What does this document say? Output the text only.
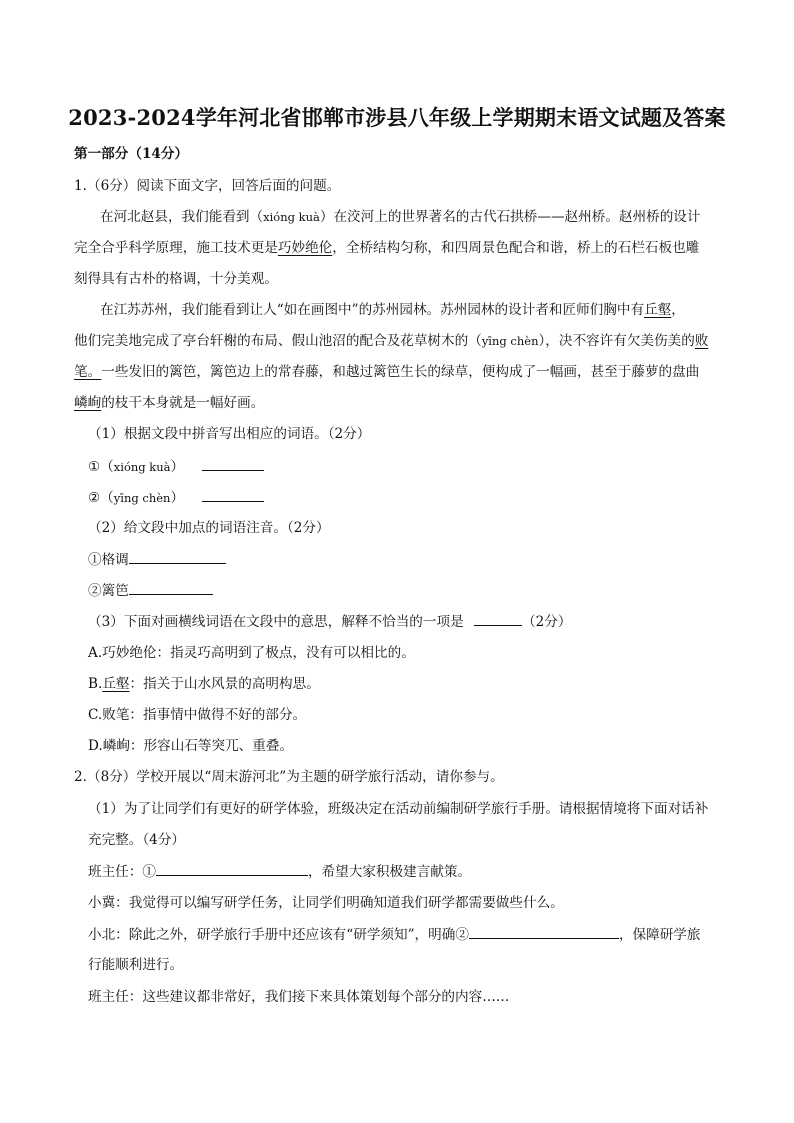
2023-2024学年河北省邯郸市涉县八年级上学期期末语文试题及答案
第一部分（14分）
1.（6分）阅读下面文字，回答后面的问题。
在河北赵县，我们能看到（xióng kuà）在洨河上的世界著名的古代石拱桥——赵州桥。赵州桥的设计
完全合乎科学原理，施工技术更是巧妙绝伦，全桥结构匀称，和四周景色配合和谐，桥上的石栏石板也雕
刻得具有古朴的格调，十分美观。
在江苏苏州，我们能看到让人“如在画图中”的苏州园林。苏州园林的设计者和匠师们胸中有丘壑，
他们完美地完成了亭台轩榭的布局、假山池沼的配合及花草树木的（yīng chèn），决不容许有欠美伤美的败
笔。一些发旧的篱笆，篱笆边上的常春藤，和越过篱笆生长的绿草，便构成了一幅画，甚至于藤萝的盘曲
嶙峋的枝干本身就是一幅好画。
（1）根据文段中拼音写出相应的词语。（2分）
①（xióng kuà）
②（yīng chèn）
（2）给文段中加点的词语注音。（2分）
①格调
②篱笆
（3）下面对画横线词语在文段中的意思，解释不恰当的一项是	（2分）
A.巧妙绝伦：指灵巧高明到了极点，没有可以相比的。
B.丘壑：指关于山水风景的高明构思。
C.败笔：指事情中做得不好的部分。
D.嶙峋：形容山石等突兀、重叠。
2.（8分）学校开展以“周末游河北”为主题的研学旅行活动，请你参与。
（1）为了让同学们有更好的研学体验，班级决定在活动前编制研学旅行手册。请根据情境将下面对话补
充完整。（4分）
班主任：①	，希望大家积极建言献策。
小冀：我觉得可以编写研学任务，让同学们明确知道我们研学都需要做些什么。
小北：除此之外，研学旅行手册中还应该有“研学须知”，明确②	，保障研学旅
行能顺利进行。
班主任：这些建议都非常好，我们接下来具体策划每个部分的内容……
